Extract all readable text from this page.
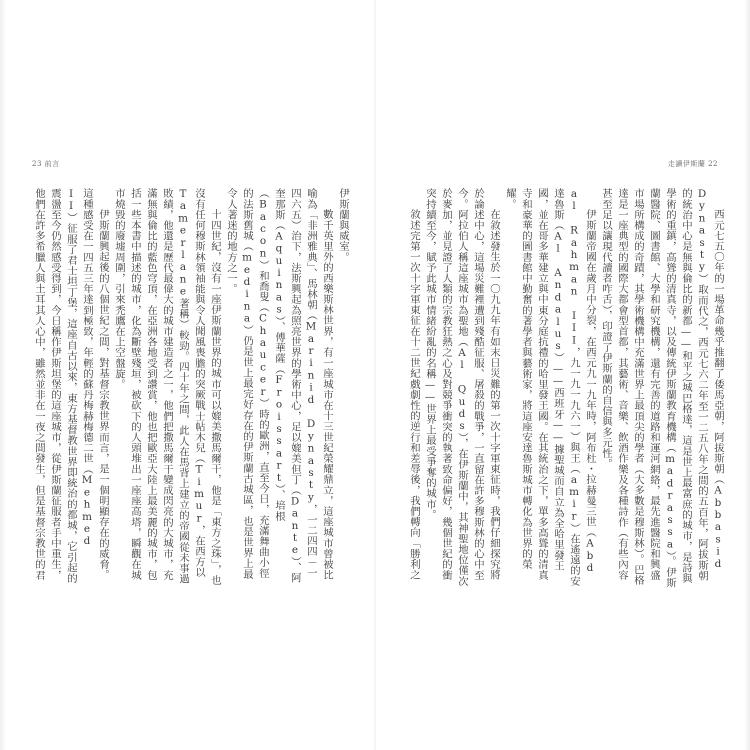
23 前言

伊斯蘭與威室。

數千英里外的西樂斯林世界，有一座城市在十三世紀榮耀鼎立，這座城市曾被比喻為「非洲雅典」、馬林朝（Marinid Dynasty，一二四四－一四六五）治下，法斯興起為照亮世界的學術中心，足以媲美但丁（Dante）、阿奎那斯（Aquinas）、傅華薩（Froissart）、培根（Bacon）和喬叟（Chaucer）時的歐洲，直至今日，充滿舞曲小徑的法斯舊城（medina）仍是世上最完好存在的伊斯蘭古城區，也是世界上最令人著迷的地方之一。

十四世紀，沒有一座伊斯蘭世界的城市可以媲美撒馬爾干，他是「東方之珠」，也沒有任何穆斯林領袖能與令人聞風喪膽的突厥戰士帖木兒（Timur，在西方以Tamerlane著稱）較勁。四十年之間，此人在馬背上建立的帝國從未事過敗績，他還是歷代最偉大的城市建造者之一，他們把撒馬爾干變成閃亮的大城市，充滿無與倫比的藍色穹頂，在亞洲各地受到讚賞，他也把歐亞大陸上最美麗的城市，包括一些本書中描述的城市，化為斷壁殘垣，被砍下的人頭堆出一座座高塔，瞬觀在城市燒毀的廢墟周圍，引來禿鷹在上空盤旋。

伊斯蘭興起後的八個世紀之間，對基督宗教世界而言，是一個明顯存在的威脅。這種感受在一四五三年達到極致，年輕的蘇丹梅赫梅德二世（Mehmed II）征服了君士坦丁堡，這座自古以來，東方基督教世界即統治的都城，它引起的震盪至今仍然感受得到，今日稱作伊斯坦堡的這座城市，從伊斯蘭征服者手中重生，他們在許多希臘人與土耳其人心中，雖然並非在一夜之間發生，但是基督宗教世的君

走讀伊斯蘭 22

西元七五〇年的一場革命幾乎推翻了倭馬亞朝，阿拔斯朝（Abbasid Dynasty）取而代之，西元七六二年至一二五八年之間的五百年，阿拔斯朝的統治中心是無與倫比的新都——和平之城巴格達，這是世上最富庶的城市，是詩與學術的重鎮，高聳的清真寺，以及傳統伊斯蘭教育機構（madrassa）。伊斯蘭醫院、圖書館、大學和研究機構，還有完善的道路和運河網絡，最先進醫院和興盛市場所構成的奇蹟，其學術機構中充滿世界上最頂尖的學者（大多數是穆斯林）。巴格達是一座典型的國際大都會型首都，其藝術、音樂、飲酒作樂及各種詩作（有些內容甚至足以讓現代讀者咋舌），印證了伊斯蘭的自信與多元性。

伊斯蘭帝國在歲月中分裂，在西元九一九年時，阿布杜・拉赫曼三世（Abd al Rahman III，九一九一九六一）與王（amir）在遙遠的安達魯斯（Al Andalus）——西班牙——據聖城而自立為全哈里發王國，並在哥多華建立與中東分庭抗禮的哈里發王國。在其統治之下，單多高聳的清真寺和豪華的圖書館中勤奮的著學者與藝術家，將這座安達魯斯城市轉化為世界的榮耀。

在敘述發生於一〇九九年有如末日災難的第一次十字軍東征時，我們仔細探究將於論述中心，這場災難裡遭到殘酷征服、屠殺的戰爭，一直留在許多穆斯林的心中至今。阿拉伯人稱這座城市為聖地（Al Quds），在伊斯蘭中，其神聖地位僅次於麥加，並見證了人類的宗教狂熱之心及對競爭衝突的執著致命偏好，幾個世紀的衝突持續至今，賦予此城市情緒紛亂的名稱——世界上最受爭奪的城市。

敘述完第一次十字軍東征在十二世紀戲劇性的逆行和差辱後，我們轉向「勝利之
